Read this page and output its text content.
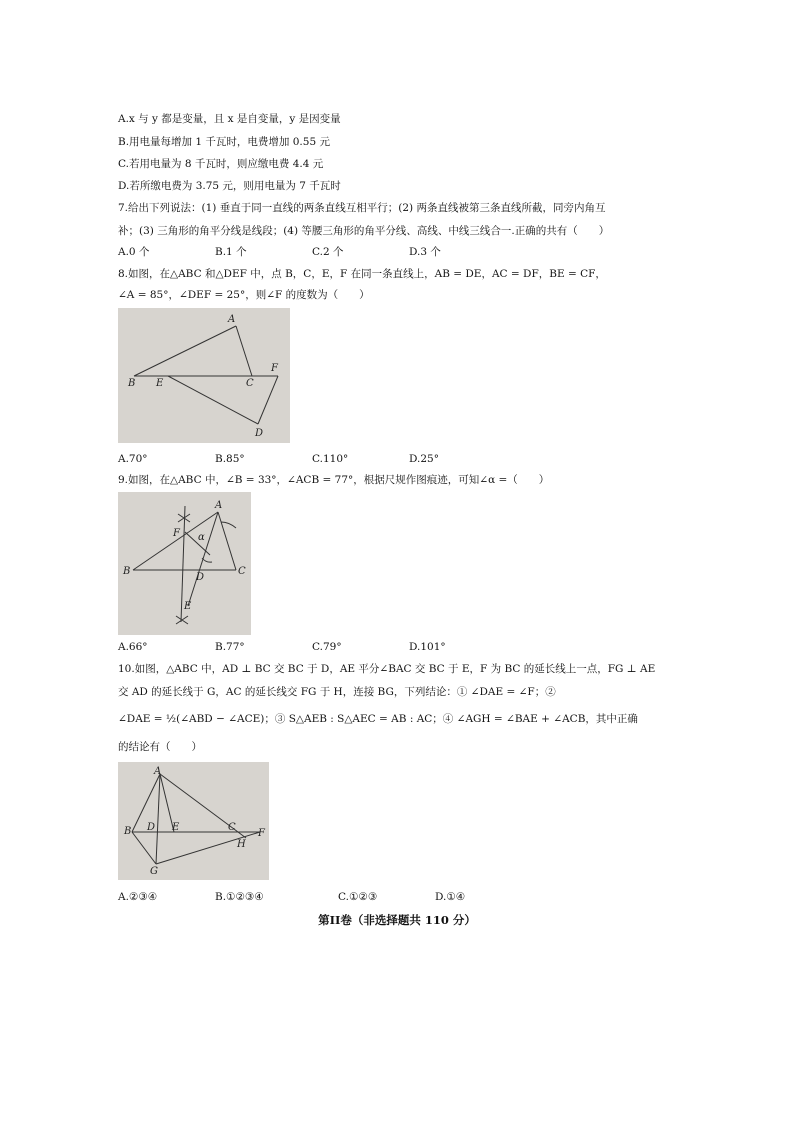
A.x 与 y 都是变量，且 x 是自变量，y 是因变量
B.用电量每增加 1 千瓦时，电费增加 0.55 元
C.若用电量为 8 千瓦时，则应缴电费 4.4 元
D.若所缴电费为 3.75 元，则用电量为 7 千瓦时
7.给出下列说法：(1) 垂直于同一直线的两条直线互相平行；(2) 两条直线被第三条直线所截，同旁内角互
补；(3) 三角形的角平分线是线段；(4) 等腰三角形的角平分线、高线、中线三线合一.正确的共有（　　）
A.0 个	B.1 个	C.2 个	D.3 个
8.如图，在△ABC 和△DEF 中，点 B，C，E，F 在同一条直线上，AB = DE，AC = DF，BE = CF，
∠A = 85°，∠DEF = 25°，则∠F 的度数为（　　）
A
B E	C
F
D
A.70°	B.85°	C.110°	D.25°
9.如图，在△ABC 中，∠B = 33°，∠ACB = 77°，根据尺规作图痕迹，可知∠α =（　　）
A
F α
B
D
C
E
A.66°	B.77°	C.79°	D.101°
10.如图，△ABC 中，AD ⊥ BC 交 BC 于 D，AE 平分∠BAC 交 BC 于 E，F 为 BC 的延长线上一点，FG ⊥ AE
交 AD 的延长线于 G，AC 的延长线交 FG 于 H，连接 BG，下列结论：① ∠DAE = ∠F；②
∠DAE = ½(∠ABD − ∠ACE)；③ S△AEB : S△AEC = AB : AC；④ ∠AGH = ∠BAE + ∠ACB，其中正确
的结论有（　　）
A
B D E	C
F
H
G
A.②③④	B.①②③④	C.①②③	D.①④
第II卷（非选择题共 110 分）
